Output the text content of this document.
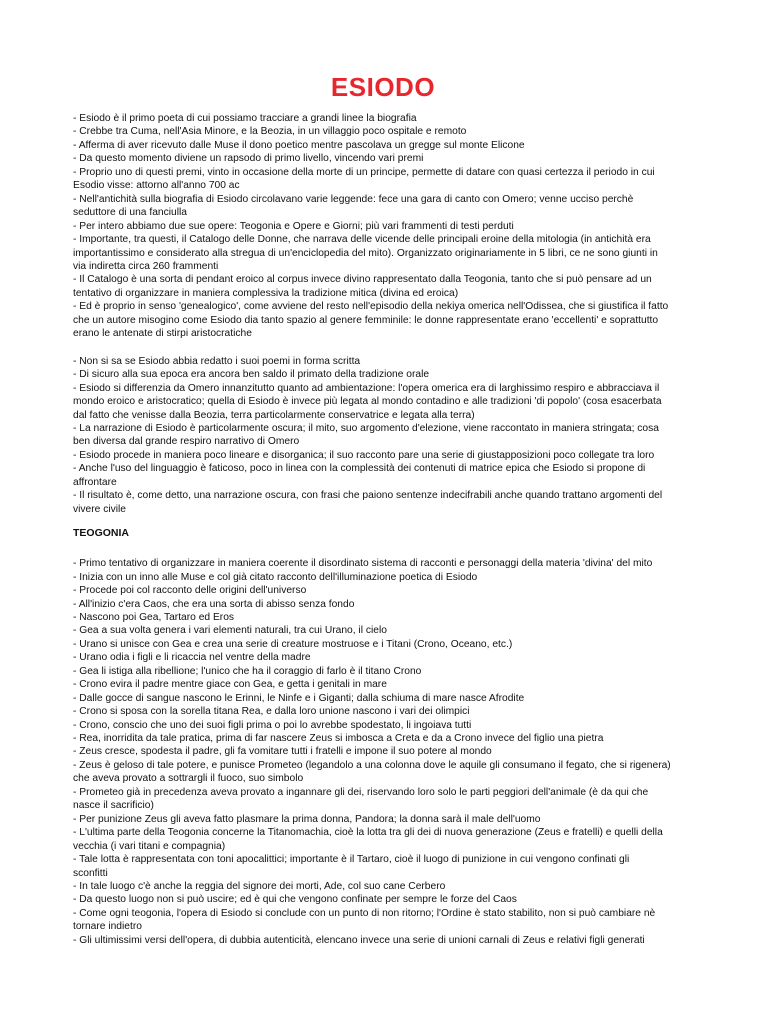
ESIODO

- Esiodo è il primo poeta di cui possiamo tracciare a grandi linee la biografia

- Crebbe tra Cuma, nell'Asia Minore, e la Beozia, in un villaggio poco ospitale e remoto

- Afferma di aver ricevuto dalle Muse il dono poetico mentre pascolava un gregge sul monte Elicone

- Da questo momento diviene un rapsodo di primo livello, vincendo vari premi

- Proprio uno di questi premi, vinto in occasione della morte di un principe, permette di datare con quasi certezza il periodo in cui

Esodio visse: attorno all'anno 700 ac

- Nell'antichità sulla biografia di Esiodo circolavano varie leggende: fece una gara di canto con Omero; venne ucciso perchè

seduttore di una fanciulla

- Per intero abbiamo due sue opere: Teogonia e Opere e Giorni; più vari frammenti di testi perduti

- Importante, tra questi, il Catalogo delle Donne, che narrava delle vicende delle principali eroine della mitologia (in antichità era

importantissimo e considerato alla stregua di un'enciclopedia del mito). Organizzato originariamente in 5 libri, ce ne sono giunti in

via indiretta circa 260 frammenti

- Il Catalogo è una sorta di pendant eroico al corpus invece divino rappresentato dalla Teogonia, tanto che si può pensare ad un

tentativo di organizzare in maniera complessiva la tradizione mitica (divina ed eroica)

- Ed è proprio in senso 'genealogico', come avviene del resto nell'episodio della nekiya omerica nell'Odissea, che si giustifica il fatto

che un autore misogino come Esiodo dia tanto spazio al genere femminile: le donne rappresentate erano 'eccellenti' e soprattutto

erano le antenate di stirpi aristocratiche

- Non si sa se Esiodo abbia redatto i suoi poemi in forma scritta

- Di sicuro alla sua epoca era ancora ben saldo il primato della tradizione orale

- Esiodo si differenzia da Omero innanzitutto quanto ad ambientazione: l'opera omerica era di larghissimo respiro e abbracciava il

mondo eroico e aristocratico; quella di Esiodo è invece più legata al mondo contadino e alle tradizioni 'di popolo' (cosa esacerbata

dal fatto che venisse dalla Beozia, terra particolarmente conservatrice e legata alla terra)

- La narrazione di Esiodo è particolarmente oscura; il mito, suo argomento d'elezione, viene raccontato in maniera stringata; cosa

ben diversa dal grande respiro narrativo di Omero

- Esiodo procede in maniera poco lineare e disorganica; il suo racconto pare una serie di giustapposizioni poco collegate tra loro

- Anche l'uso del linguaggio è faticoso, poco in linea con la complessità dei contenuti di matrice epica che Esiodo si propone di

affrontare

- Il risultato è, come detto, una narrazione oscura, con frasi che paiono sentenze indecifrabili anche quando trattano argomenti del

vivere civile

TEOGONIA

- Primo tentativo di organizzare in maniera coerente il disordinato sistema di racconti e personaggi della materia 'divina' del mito

- Inizia con un inno alle Muse e col già citato racconto dell'illuminazione poetica di Esiodo

- Procede poi col racconto delle origini dell'universo

- All'inizio c'era Caos, che era una sorta di abisso senza fondo

- Nascono poi Gea, Tartaro ed Eros

- Gea a sua volta genera i vari elementi naturali, tra cui Urano, il cielo

- Urano si unisce con Gea e crea una serie di creature mostruose e i Titani (Crono, Oceano, etc.)

- Urano odia i figli e li ricaccia nel ventre della madre

- Gea li istiga alla ribellione; l'unico che ha il coraggio di farlo è il titano Crono

- Crono evira il padre mentre giace con Gea, e getta i genitali in mare

- Dalle gocce di sangue nascono le Erinni, le Ninfe e i Giganti; dalla schiuma di mare nasce Afrodite

- Crono si sposa con la sorella titana Rea, e dalla loro unione nascono i vari dei olimpici

- Crono, conscio che uno dei suoi figli prima o poi lo avrebbe spodestato, li ingoiava tutti

- Rea, inorridita da tale pratica, prima di far nascere Zeus si imbosca a Creta e da a Crono invece del figlio una pietra

- Zeus cresce, spodesta il padre, gli fa vomitare tutti i fratelli e impone il suo potere al mondo

- Zeus è geloso di tale potere, e punisce Prometeo (legandolo a una colonna dove le aquile gli consumano il fegato, che si rigenera)

che aveva provato a sottrargli il fuoco, suo simbolo

- Prometeo già in precedenza aveva provato a ingannare gli dei, riservando loro solo le parti peggiori dell'animale (è da qui che

nasce il sacrificio)

- Per punizione Zeus gli aveva fatto plasmare la prima donna, Pandora; la donna sarà il male dell'uomo

- L'ultima parte della Teogonia concerne la Titanomachia, cioè la lotta tra gli dei di nuova generazione (Zeus e fratelli) e quelli della

vecchia (i vari titani e compagnia)

- Tale lotta è rappresentata con toni apocalittici; importante è il Tartaro, cioè il luogo di punizione in cui vengono confinati gli

sconfitti

- In tale luogo c'è anche la reggia del signore dei morti, Ade, col suo cane Cerbero

- Da questo luogo non si può uscire; ed è qui che vengono confinate per sempre le forze del Caos

- Come ogni teogonia, l'opera di Esiodo si conclude con un punto di non ritorno; l'Ordine è stato stabilito, non si può cambiare nè

tornare indietro

- Gli ultimissimi versi dell'opera, di dubbia autenticità, elencano invece una serie di unioni carnali di Zeus e relativi figli generati
